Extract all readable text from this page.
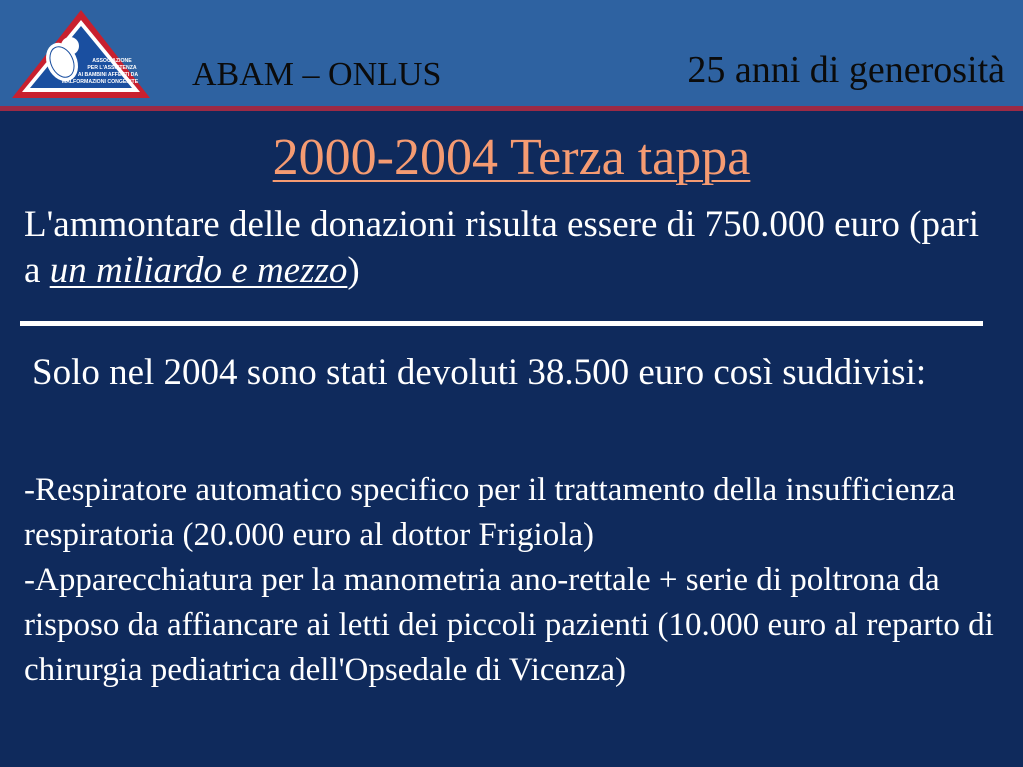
ASSOCIAZIONE
PER L'ASSISTENZA
AI BAMBINI AFFETTI DA
MALFORMAZIONI CONGENITE ABAM – ONLUS	25 anni di generosità
2000-2004 Terza tappa
L'ammontare delle donazioni risulta essere di 750.000 euro (pari a un miliardo e mezzo)
Solo nel 2004 sono stati devoluti 38.500 euro così suddivisi:

-Respiratore automatico specifico per il trattamento della insufficienza respiratoria (20.000 euro al dottor Frigiola)

-Apparecchiatura per la manometria ano-rettale + serie di poltrona da risposo da affiancare ai letti dei piccoli pazienti (10.000 euro al reparto di chirurgia pediatrica dell'Opsedale di Vicenza)
